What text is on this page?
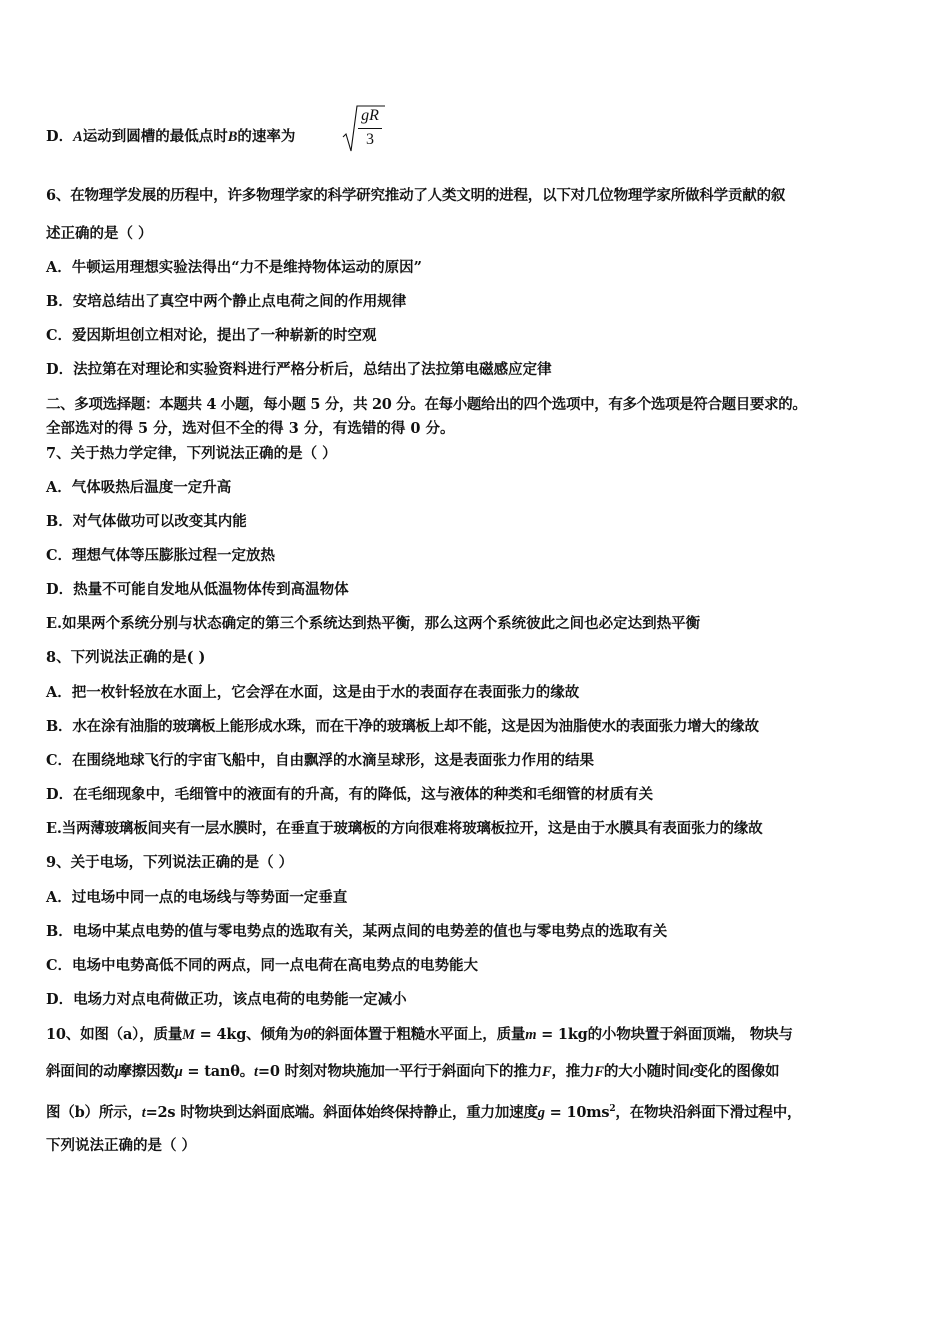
D．A运动到圆槽的最低点时B的速率为
gR
3
6、在物理学发展的历程中，许多物理学家的科学研究推动了人类文明的进程，以下对几位物理学家所做科学贡献的叙
述正确的是（ ）
A．牛顿运用理想实验法得出“力不是维持物体运动的原因”
B．安培总结出了真空中两个静止点电荷之间的作用规律
C．爱因斯坦创立相对论，提出了一种崭新的时空观
D．法拉第在对理论和实验资料进行严格分析后，总结出了法拉第电磁感应定律
二、多项选择题：本题共 4 小题，每小题 5 分，共 20 分。在每小题给出的四个选项中，有多个选项是符合题目要求的。
全部选对的得 5 分，选对但不全的得 3 分，有选错的得 0 分。
7、关于热力学定律，下列说法正确的是（ ）
A．气体吸热后温度一定升高
B．对气体做功可以改变其内能
C．理想气体等压膨胀过程一定放热
D．热量不可能自发地从低温物体传到高温物体
E.如果两个系统分别与状态确定的第三个系统达到热平衡，那么这两个系统彼此之间也必定达到热平衡
8、下列说法正确的是( )
A．把一枚针轻放在水面上，它会浮在水面，这是由于水的表面存在表面张力的缘故
B．水在涂有油脂的玻璃板上能形成水珠，而在干净的玻璃板上却不能，这是因为油脂使水的表面张力增大的缘故
C．在围绕地球飞行的宇宙飞船中，自由飘浮的水滴呈球形，这是表面张力作用的结果
D．在毛细现象中，毛细管中的液面有的升高，有的降低，这与液体的种类和毛细管的材质有关
E.当两薄玻璃板间夹有一层水膜时，在垂直于玻璃板的方向很难将玻璃板拉开，这是由于水膜具有表面张力的缘故
9、关于电场，下列说法正确的是（ ）
A．过电场中同一点的电场线与等势面一定垂直
B．电场中某点电势的值与零电势点的选取有关，某两点间的电势差的值也与零电势点的选取有关
C．电场中电势高低不同的两点，同一点电荷在高电势点的电势能大
D．电场力对点电荷做正功，该点电荷的电势能一定减小
10、如图（a），质量M = 4kg、倾角为θ的斜面体置于粗糙水平面上，质量m = 1kg的小物块置于斜面顶端， 物块与
斜面间的动摩擦因数μ = tanθ。t=0 时刻对物块施加一平行于斜面向下的推力F，推力F的大小随时间t变化的图像如
图（b）所示，t=2s 时物块到达斜面底端。斜面体始终保持静止，重力加速度$g = 10ms^2$，在物块沿斜面下滑过程中，
下列说法正确的是（ ）
